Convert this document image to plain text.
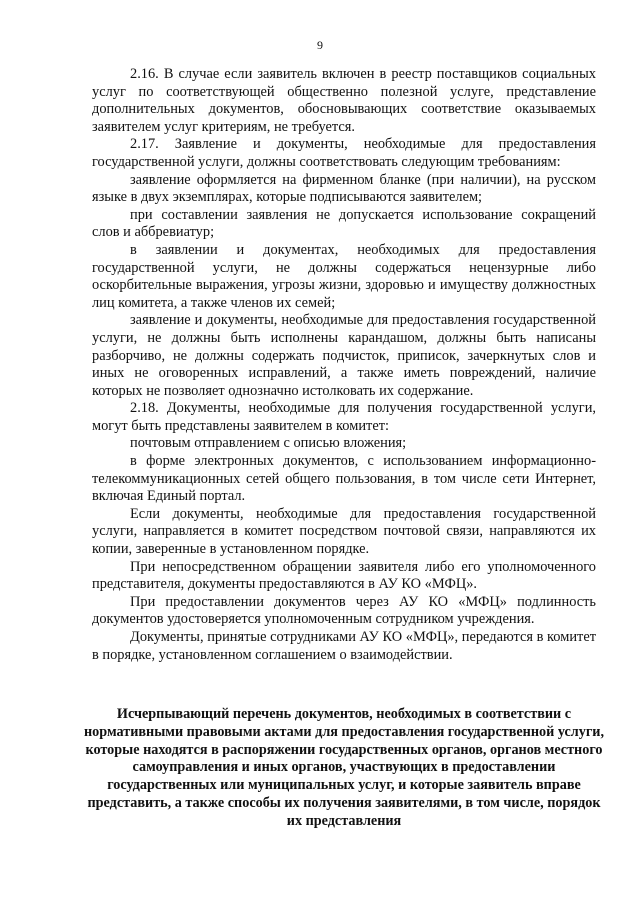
9

2.16. В случае если заявитель включен в реестр поставщиков социальных услуг по соответствующей общественно полезной услуге, представление дополнительных документов, обосновывающих соответствие оказываемых заявителем услуг критериям, не требуется.

2.17. Заявление и документы, необходимые для предоставления государственной услуги, должны соответствовать следующим требованиям:

заявление оформляется на фирменном бланке (при наличии), на русском языке в двух экземплярах, которые подписываются заявителем;

при составлении заявления не допускается использование сокращений слов и аббревиатур;

в заявлении и документах, необходимых для предоставления государственной услуги, не должны содержаться нецензурные либо оскорбительные выражения, угрозы жизни, здоровью и имуществу должностных лиц комитета, а также членов их семей;

заявление и документы, необходимые для предоставления государственной услуги, не должны быть исполнены карандашом, должны быть написаны разборчиво, не должны содержать подчисток, приписок, зачеркнутых слов и иных не оговоренных исправлений, а также иметь повреждений, наличие которых не позволяет однозначно истолковать их содержание.

2.18. Документы, необходимые для получения государственной услуги, могут быть представлены заявителем в комитет:

почтовым отправлением с описью вложения;

в форме электронных документов, с использованием информационно-телекоммуникационных сетей общего пользования, в том числе сети Интернет, включая Единый портал.

Если документы, необходимые для предоставления государственной услуги, направляется в комитет посредством почтовой связи, направляются их копии, заверенные в установленном порядке.

При непосредственном обращении заявителя либо его уполномоченного представителя, документы предоставляются в АУ КО «МФЦ».

При предоставлении документов через АУ КО «МФЦ» подлинность документов удостоверяется уполномоченным сотрудником учреждения.

Документы, принятые сотрудниками АУ КО «МФЦ», передаются в комитет в порядке, установленном соглашением о взаимодействии.

Исчерпывающий перечень документов, необходимых в соответствии с нормативными правовыми актами для предоставления государственной услуги, которые находятся в распоряжении государственных органов, органов местного самоуправления и иных органов, участвующих в предоставлении государственных или муниципальных услуг, и которые заявитель вправе представить, а также способы их получения заявителями, в том числе, порядок их представления
